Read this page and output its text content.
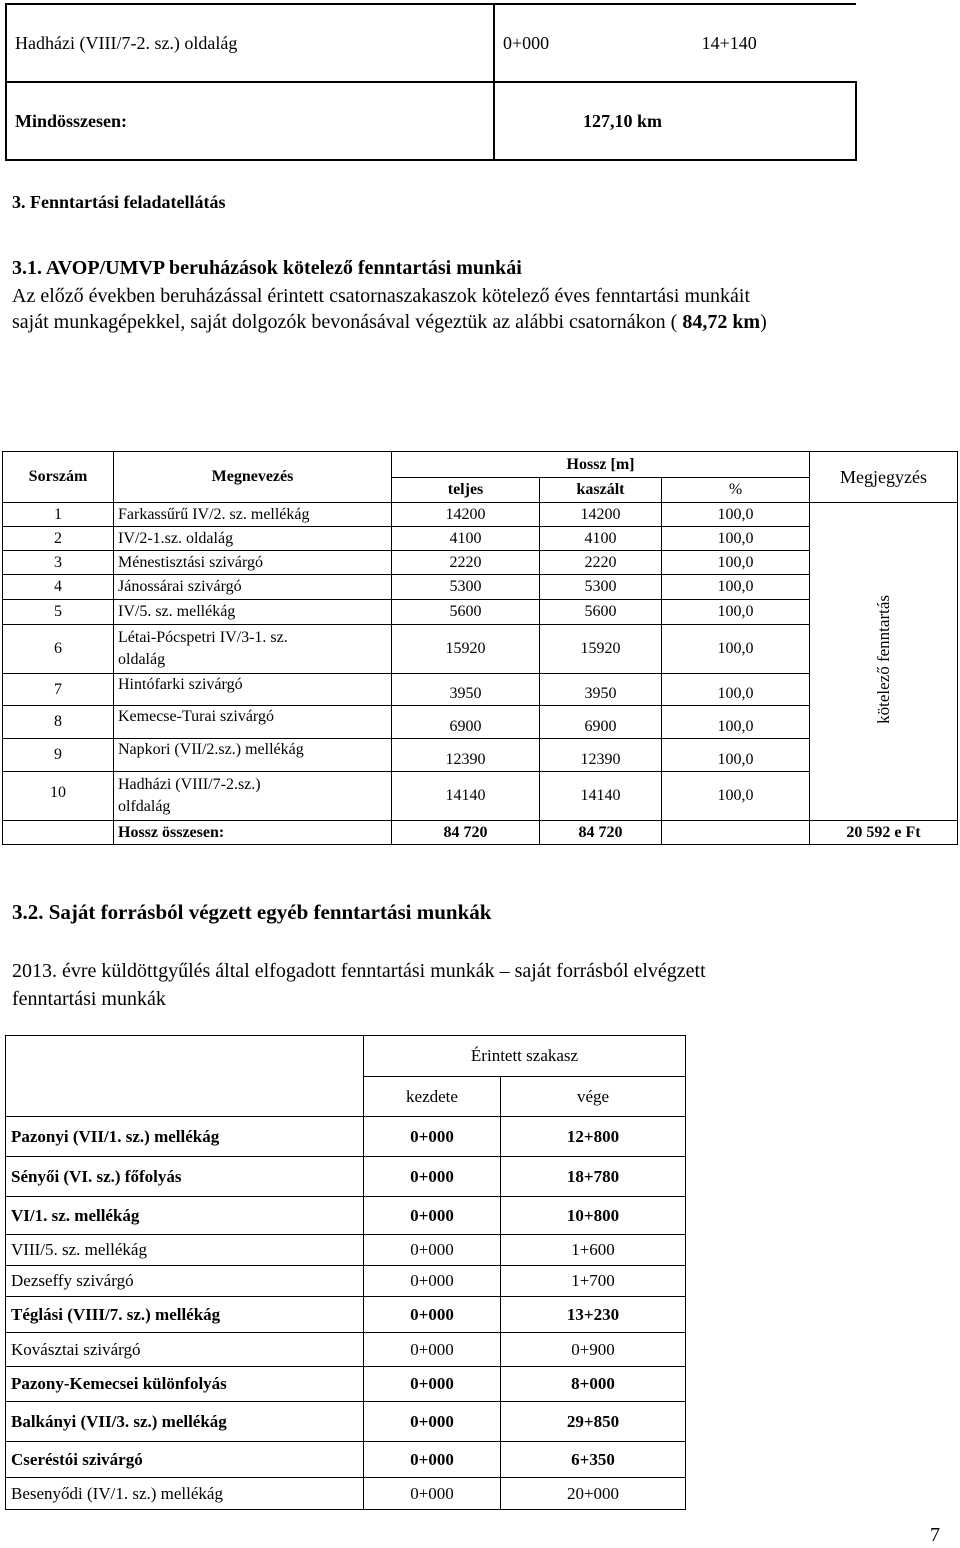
Hadházi (VIII/7-2. sz.) oldalág	0+000 14+140
Mindösszesen:	127,10 km
3. Fenntartási feladatellátás
3.1. AVOP/UMVP beruházások kötelező fenntartási munkái
Az előző években beruházással érintett csatornaszakaszok kötelező éves fenntartási munkáit
saját munkagépekkel, saját dolgozók bevonásával végeztük az alábbi csatornákon ( 84,72 km)
Sorszám	Megnevezés	Hossz [m]			Megjegyzés
		teljes	kaszált	%	
1	Farkassűrű IV/2. sz. mellékág	14200	14200	100,0	kötelező fenntartás
2	IV/2-1.sz. oldalág	4100	4100	100,0	
3	Ménestisztási szivárgó	2220	2220	100,0	
4	Jánossárai szivárgó	5300	5300	100,0	
5	IV/5. sz. mellékág	5600	5600	100,0	
6	Létai-Pócspetri IV/3-1. sz.
oldalág	15920	15920	100,0	
7	Hintófarki szivárgó	3950	3950	100,0	
8	Kemecse-Turai szivárgó	6900	6900	100,0	
9	Napkori (VII/2.sz.) mellékág	12390	12390	100,0	
10	Hadházi (VIII/7-2.sz.)
olfdalág	14140	14140	100,0	
	Hossz összesen:	84 720	84 720		20 592 e Ft
3.2. Saját forrásból végzett egyéb fenntartási munkák
2013. évre küldöttgyűlés által elfogadott fenntartási munkák – saját forrásból elvégzett
fenntartási munkák
	Érintett szakasz	
	kezdete	vége
Pazonyi (VII/1. sz.) mellékág	0+000	12+800
Sényői (VI. sz.) főfolyás	0+000	18+780
VI/1. sz. mellékág	0+000	10+800
VIII/5. sz. mellékág	0+000	1+600
Dezseffy szivárgó	0+000	1+700
Téglási (VIII/7. sz.) mellékág	0+000	13+230
Kovásztai szivárgó	0+000	0+900
Pazony-Kemecsei különfolyás	0+000	8+000
Balkányi (VII/3. sz.) mellékág	0+000	29+850
Cseréstói szivárgó	0+000	6+350
Besenyődi (IV/1. sz.) mellékág	0+000	20+000
7
